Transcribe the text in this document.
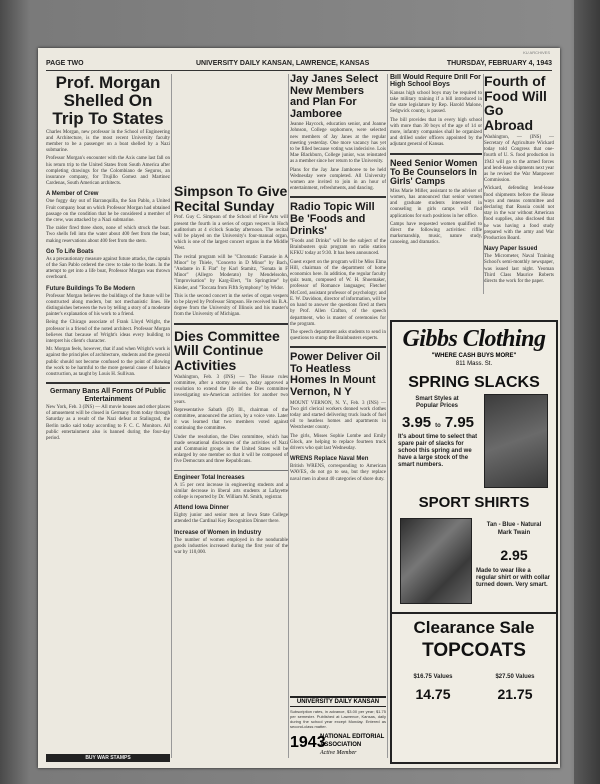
PAGE TWO	UNIVERSITY DAILY KANSAN, LAWRENCE, KANSAS	THURSDAY, FEBRUARY 4, 1943
KU ARCHIVES
Prof. Morgan Shelled On Trip To States
Charles Morgan, new professor in the School of Engineering and Architecture, is the most recent University faculty member to be a passenger on a boat shelled by a Nazi submarine.
Professor Morgan's encounter with the Axis came last fall on his return trip to the United States from South America after completing drawings for the Colombiano de Seguros, an insurance company, for Trujillo Gomez and Martinez Cardenas, South American architects.
A Member of Crew
One foggy day out of Barranquilla, the San Pablo, a United Fruit company boat on which Professor Morgan had obtained passage on the condition that he be considered a member of the crew, was attacked by a Nazi submarine.
The raider fired three shots, none of which struck the boat. Two shells fell into the water about 400 feet from the boat, making reservations about 400 feet from the stern.
Go To Life Boats
As a precautionary measure against future attacks, the captain of the San Pablo ordered the crew to take to the boats. In the attempt to get into a life boat, Professor Morgan was thrown overboard.
Future Buildings To Be Modern
Professor Morgan believes the buildings of the future will be constructed along modern, but not mechanistic lines. He distinguishes between the two by telling a story of a moderate painter's explanation of his work to a friend.
Being the Chicago associate of Frank Lloyd Wright, the professor is a friend of the noted architect. Professor Morgan believes that because of Wright's ideas every building to interpret his client's character.
Mr. Morgan feels, however, that if and when Wright's work is against the principles of architecture, students and the general public should not become confused to the point of allowing the work to be harmful to the more general cause of balance construction, as taught by Louis H. Sullivan.
Germany Bans All Forms Of Public Entertainment
New York, Feb. 3 (INS) — All movie houses and other places of amusement will be closed in Germany from today through Saturday as a result of the Nazi defeat at Stalingrad, the Berlin radio said today according to F. C. C. Monitors. All public entertainment also is banned during the four-day period.
BUY WAR STAMPS
Simpson To Give Recital Sunday
Prof. Guy C. Simpson of the School of Fine Arts will present the fourth in a series of organ vespers in Hoch auditorium at 4 o'clock Sunday afternoon. The recital will be played on the University's four-manual organ, which is one of the largest concert organs in the Middle West.
The recital program will be "Chromatic Fantasie in A Minor" by Thiele, "Concerto in D Minor" by Bach, "Andante in E Flat" by Karl Stamitz, "Sonata in F Minor" (Allegro Moderato) by Mendelssohn, "Improvisation" by Karg-Elert, "In Springtime" by Kinder, and "Toccata from Fifth Symphony" by Widor.
This is the second concert in the series of organ vespers to be played by Professor Simpson. He received his B.A. degree from the University of Illinois and his master's from the University of Michigan.
Dies Committee Will Continue Activities
Washington, Feb. 3 (INS) — The House rules committee, after a stormy session, today approved a resolution to extend the life of the Dies committee investigating un-American activities for another two years.
Representative Sabath (D) Ill., chairman of the committee, announced the action, by a voice vote. Later it was learned that two members voted against continuing the committee.
Under the resolution, the Dies committee, which has made sensational disclosures of the activities of Nazi and Communist groups in the United States will be enlarged by one member so that it will be composed of five Democrats and three Republicans.
Engineer Total Increases
A 15 per cent increase in engineering students and a similar decrease in liberal arts students at Lafayette college is reported by Dr. William M. Smith, registrar.
Attend Iowa Dinner
Eighty junior and senior men at Iowa State College attended the Cardinal Key Recognition Dinner there.
Increase of Women in Industry
The number of women employed in the nondurable goods industries increased during the first year of the war by 110,000.
Jay Janes Select New Members and Plan For Jamboree
Jeanne Haycock, education senior, and Joanne Johnson, College sophomore, were selected new members of Jay Janes at the regular meeting yesterday. One more vacancy has yet to be filled because voting was indecisive. Lois Mae Blackburn, College junior, was reinstated as a member since her return to the University.
Plans for the Jay Jane Jamboree to be held Wednesday were completed. All University women are invited to join in an hour of entertainment, refreshments, and dancing.
Radio Topic Will Be 'Foods and Drinks'
"Foods and Drinks" will be the subject of the Brainbusters quiz program on radio station KFKU today at 9:30. It has been announced.
Guest expert on the program will be Miss Elma Hill, chairman of the department of home economics here. In addition, the regular faculty quiz team, composed of W. H. Shoemaker, professor of Romance languages; Fletcher McCord, assistant professor of psychology; and E. W. Davidson, director of information, will be on hand to answer the questions fired at them by Prof. Allen Crafton, of the speech department, who is master of ceremonies for the program.
The speech department asks students to send in questions to stump the Brainbusters experts.
Power Deliver Oil To Heatless Homes In Mount Vernon, N Y
MOUNT VERNON, N. Y., Feb. 3 (INS) — Two girl clerical workers donned work clothes today and started delivering truck loads of fuel oil to heatless homes and apartments in Westchester county.
The girls, Misses Sophie Lombe and Emily Glock, are helping to replace fourteen truck drivers who quit last Wednesday.
WRENS Replace Naval Men
British WRENS, corresponding to American WAVES, do not go to sea, but they replace naval men in about 40 categories of shore duty.
UNIVERSITY DAILY KANSAN
Subscription rates, in advance, $3.00 per year; $1.75 per semester. Published at Lawrence, Kansas, daily during the school year except Monday. Entered as second-class matter.
1943
NATIONAL EDITORIAL
ASSOCIATION
Active Member
Bill Would Require Drill For High School Boys
Kansas high school boys may be required to take military training if a bill introduced in the state legislature by Rep. Harold Malone, Sedgwick county, is passed.
The bill provides that in every high school with more than 30 boys of the age of 14 or more, infantry companies shall be organized and drilled under officers appointed by the adjutant general of Kansas.
Need Senior Women To Be Counselors In Girls' Camps
Miss Marie Miller, assistant to the adviser of women, has announced that senior women and graduate students interested in counseling in girls camps will find applications for such positions in her office.
Camps have requested women qualified to direct the following activities: riflle marksmanship, music, nature study, canoeing, and dramatics.
Fourth of Food Will Go Abroad
Washington, — (INS) — Secretary of Agriculture Wickard today told Congress that one-fourth of U. S. food production in 1943 will go to the armed forces and lend-lease shipments next year as he revised the War Manpower Commission.
Wickard, defending lend-lease food shipments before the House ways and means committee and declaring that Russia could not stay in the war without American food supplies, also disclosed that he was having a food study prepared with the army and War Production Board.
Navy Paper Issued
The Micrometer, Naval Training School's semi-monthly newspaper, was issued last night. Yeoman Third Class Maurice Roberts directs the work for the paper.
Gibbs Clothing
"WHERE CASH BUYS MORE"
811 Mass. St.
SPRING SLACKS
Smart Styles at
Popular Prices
3.95 to 7.95
It's about time to select that spare pair of slacks for school this spring and we have a large stock of the smart numbers.
SPORT SHIRTS
Tan - Blue - Natural
Mark Twain
2.95
Made to wear like a regular shirt or with collar turned down. Very smart.
Clearance Sale
TOPCOATS
$16.75 Values
14.75
$27.50 Values
21.75
